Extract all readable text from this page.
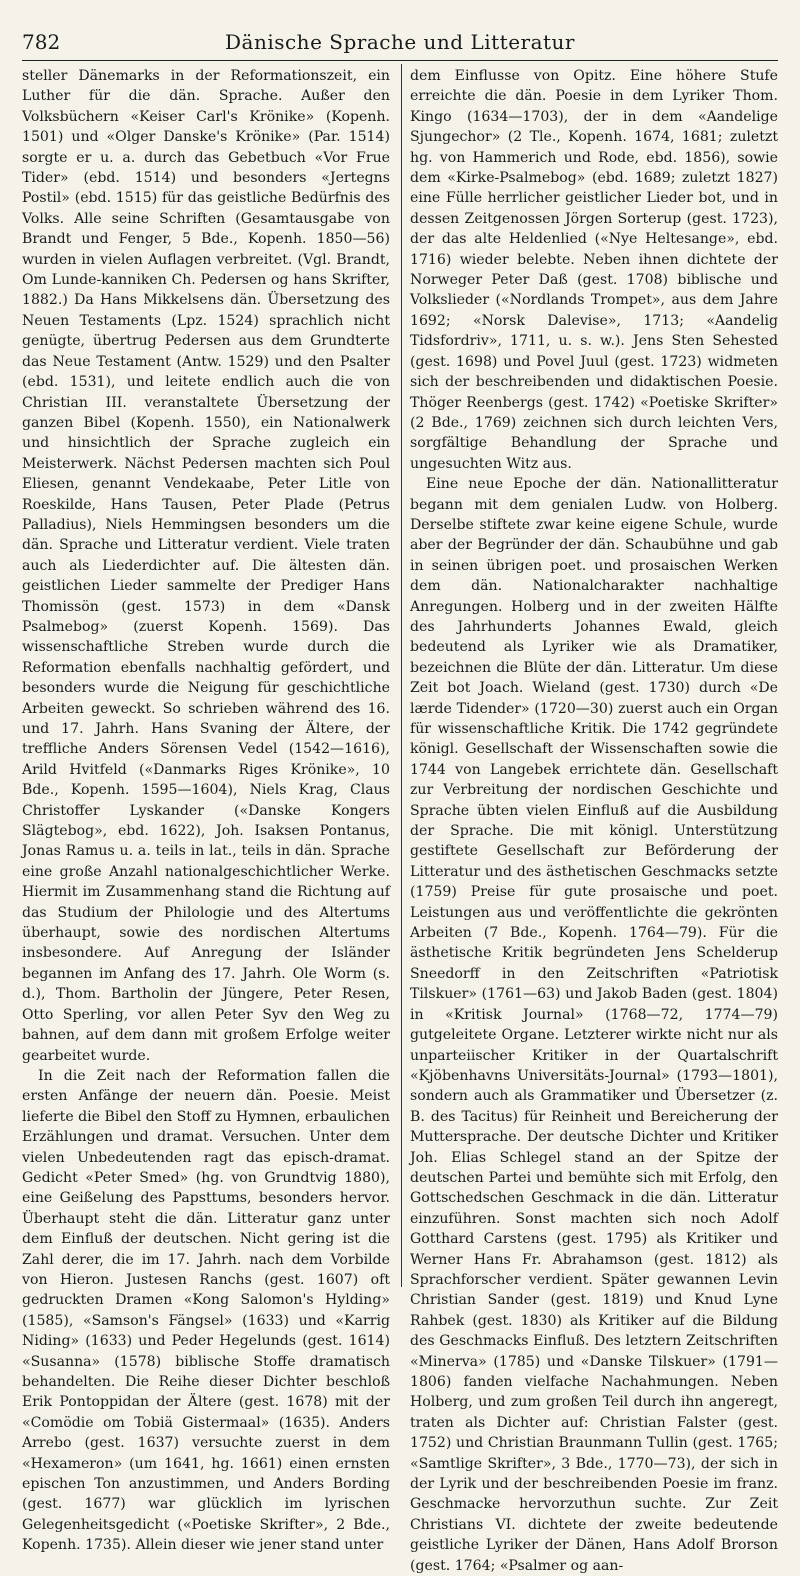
782	Dänische Sprache und Litteratur

steller Dänemarks in der Reformationszeit, ein Luther für die dän. Sprache. Außer den Volksbüchern «Keiser Carl's Krönike» (Kopenh. 1501) und «Olger Danske's Krönike» (Par. 1514) sorgte er u. a. durch das Gebetbuch «Vor Frue Tider» (ebd. 1514) und besonders «Jertegns Postil» (ebd. 1515) für das geistliche Bedürfnis des Volks. Alle seine Schriften (Gesamtausgabe von Brandt und Fenger, 5 Bde., Kopenh. 1850—56) wurden in vielen Auflagen verbreitet. (Vgl. Brandt, Om Lunde-kanniken Ch. Pedersen og hans Skrifter, 1882.) Da Hans Mikkelsens dän. Übersetzung des Neuen Testaments (Lpz. 1524) sprachlich nicht genügte, übertrug Pedersen aus dem Grundterte das Neue Testament (Antw. 1529) und den Psalter (ebd. 1531), und leitete endlich auch die von Christian III. veranstaltete Übersetzung der ganzen Bibel (Kopenh. 1550), ein Nationalwerk und hinsichtlich der Sprache zugleich ein Meisterwerk. Nächst Pedersen machten sich Poul Eliesen, genannt Vendekaabe, Peter Litle von Roeskilde, Hans Tausen, Peter Plade (Petrus Palladius), Niels Hemmingsen besonders um die dän. Sprache und Litteratur verdient. Viele traten auch als Liederdichter auf. Die ältesten dän. geistlichen Lieder sammelte der Prediger Hans Thomissön (gest. 1573) in dem «Dansk Psalmebog» (zuerst Kopenh. 1569). Das wissenschaftliche Streben wurde durch die Reformation ebenfalls nachhaltig gefördert, und besonders wurde die Neigung für geschichtliche Arbeiten geweckt. So schrieben während des 16. und 17. Jahrh. Hans Svaning der Ältere, der treffliche Anders Sörensen Vedel (1542—1616), Arild Hvitfeld («Danmarks Riges Krönike», 10 Bde., Kopenh. 1595—1604), Niels Krag, Claus Christoffer Lyskander («Danske Kongers Slägtebog», ebd. 1622), Joh. Isaksen Pontanus, Jonas Ramus u. a. teils in lat., teils in dän. Sprache eine große Anzahl nationalgeschichtlicher Werke. Hiermit im Zusammenhang stand die Richtung auf das Studium der Philologie und des Altertums überhaupt, sowie des nordischen Altertums insbesondere. Auf Anregung der Isländer begannen im Anfang des 17. Jahrh. Ole Worm (s. d.), Thom. Bartholin der Jüngere, Peter Resen, Otto Sperling, vor allen Peter Syv den Weg zu bahnen, auf dem dann mit großem Erfolge weiter gearbeitet wurde.

In die Zeit nach der Reformation fallen die ersten Anfänge der neuern dän. Poesie. Meist lieferte die Bibel den Stoff zu Hymnen, erbaulichen Erzählungen und dramat. Versuchen. Unter dem vielen Unbedeutenden ragt das episch-dramat. Gedicht «Peter Smed» (hg. von Grundtvig 1880), eine Geißelung des Papsttums, besonders hervor. Überhaupt steht die dän. Litteratur ganz unter dem Einfluß der deutschen. Nicht gering ist die Zahl derer, die im 17. Jahrh. nach dem Vorbilde von Hieron. Justesen Ranchs (gest. 1607) oft gedruckten Dramen «Kong Salomon's Hylding» (1585), «Samson's Fängsel» (1633) und «Karrig Niding» (1633) und Peder Hegelunds (gest. 1614) «Susanna» (1578) biblische Stoffe dramatisch behandelten. Die Reihe dieser Dichter beschloß Erik Pontoppidan der Ältere (gest. 1678) mit der «Comödie om Tobiä Gistermaal» (1635). Anders Arrebo (gest. 1637) versuchte zuerst in dem «Hexameron» (um 1641, hg. 1661) einen ernsten epischen Ton anzustimmen, und Anders Bording (gest. 1677) war glücklich im lyrischen Gelegenheitsgedicht («Poetiske Skrifter», 2 Bde., Kopenh. 1735). Allein dieser wie jener stand unter

dem Einflusse von Opitz. Eine höhere Stufe erreichte die dän. Poesie in dem Lyriker Thom. Kingo (1634—1703), der in dem «Aandelige Sjungechor» (2 Tle., Kopenh. 1674, 1681; zuletzt hg. von Hammerich und Rode, ebd. 1856), sowie dem «Kirke-Psalmebog» (ebd. 1689; zuletzt 1827) eine Fülle herrlicher geistlicher Lieder bot, und in dessen Zeitgenossen Jörgen Sorterup (gest. 1723), der das alte Heldenlied («Nye Heltesange», ebd. 1716) wieder belebte. Neben ihnen dichtete der Norweger Peter Daß (gest. 1708) biblische und Volkslieder («Nordlands Trompet», aus dem Jahre 1692; «Norsk Dalevise», 1713; «Aandelig Tidsfordriv», 1711, u. s. w.). Jens Sten Sehested (gest. 1698) und Povel Juul (gest. 1723) widmeten sich der beschreibenden und didaktischen Poesie. Thöger Reenbergs (gest. 1742) «Poetiske Skrifter» (2 Bde., 1769) zeichnen sich durch leichten Vers, sorgfältige Behandlung der Sprache und ungesuchten Witz aus.

Eine neue Epoche der dän. Nationallitteratur begann mit dem genialen Ludw. von Holberg. Derselbe stiftete zwar keine eigene Schule, wurde aber der Begründer der dän. Schaubühne und gab in seinen übrigen poet. und prosaischen Werken dem dän. Nationalcharakter nachhaltige Anregungen. Holberg und in der zweiten Hälfte des Jahrhunderts Johannes Ewald, gleich bedeutend als Lyriker wie als Dramatiker, bezeichnen die Blüte der dän. Litteratur. Um diese Zeit bot Joach. Wieland (gest. 1730) durch «De lærde Tidender» (1720—30) zuerst auch ein Organ für wissenschaftliche Kritik. Die 1742 gegründete königl. Gesellschaft der Wissenschaften sowie die 1744 von Langebek errichtete dän. Gesellschaft zur Verbreitung der nordischen Geschichte und Sprache übten vielen Einfluß auf die Ausbildung der Sprache. Die mit königl. Unterstützung gestiftete Gesellschaft zur Beförderung der Litteratur und des ästhetischen Geschmacks setzte (1759) Preise für gute prosaische und poet. Leistungen aus und veröffentlichte die gekrönten Arbeiten (7 Bde., Kopenh. 1764—79). Für die ästhetische Kritik begründeten Jens Schelderup Sneedorff in den Zeitschriften «Patriotisk Tilskuer» (1761—63) und Jakob Baden (gest. 1804) in «Kritisk Journal» (1768—72, 1774—79) gutgeleitete Organe. Letzterer wirkte nicht nur als unparteiischer Kritiker in der Quartalschrift «Kjöbenhavns Universitäts-Journal» (1793—1801), sondern auch als Grammatiker und Übersetzer (z. B. des Tacitus) für Reinheit und Bereicherung der Muttersprache. Der deutsche Dichter und Kritiker Joh. Elias Schlegel stand an der Spitze der deutschen Partei und bemühte sich mit Erfolg, den Gottschedschen Geschmack in die dän. Litteratur einzuführen. Sonst machten sich noch Adolf Gotthard Carstens (gest. 1795) als Kritiker und Werner Hans Fr. Abrahamson (gest. 1812) als Sprachforscher verdient. Später gewannen Levin Christian Sander (gest. 1819) und Knud Lyne Rahbek (gest. 1830) als Kritiker auf die Bildung des Geschmacks Einfluß. Des letztern Zeitschriften «Minerva» (1785) und «Danske Tilskuer» (1791—1806) fanden vielfache Nachahmungen. Neben Holberg, und zum großen Teil durch ihn angeregt, traten als Dichter auf: Christian Falster (gest. 1752) und Christian Braunmann Tullin (gest. 1765; «Samtlige Skrifter», 3 Bde., 1770—73), der sich in der Lyrik und der beschreibenden Poesie im franz. Geschmacke hervorzuthun suchte. Zur Zeit Christians VI. dichtete der zweite bedeutende geistliche Lyriker der Dänen, Hans Adolf Brorson (gest. 1764; «Psalmer og aan-
